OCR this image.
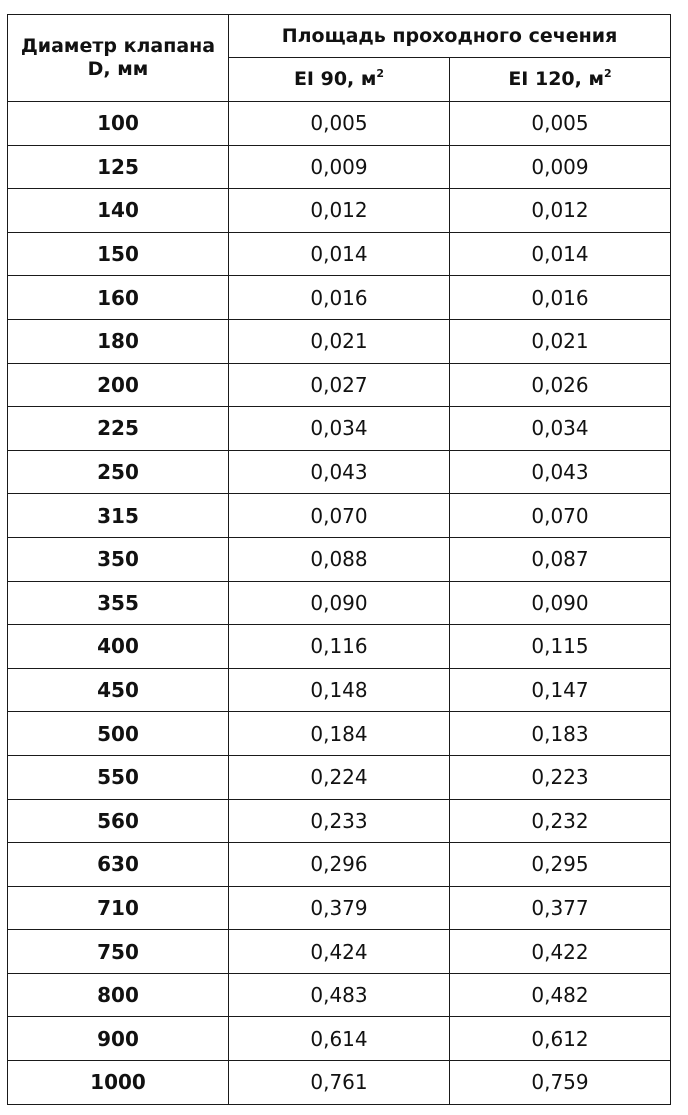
Диаметр клапана
D, мм	Площадь проходного сечения	
	EI 90, $м^2$	EI 120, $м^2$
100	0,005	0,005
125	0,009	0,009
140	0,012	0,012
150	0,014	0,014
160	0,016	0,016
180	0,021	0,021
200	0,027	0,026
225	0,034	0,034
250	0,043	0,043
315	0,070	0,070
350	0,088	0,087
355	0,090	0,090
400	0,116	0,115
450	0,148	0,147
500	0,184	0,183
550	0,224	0,223
560	0,233	0,232
630	0,296	0,295
710	0,379	0,377
750	0,424	0,422
800	0,483	0,482
900	0,614	0,612
1000	0,761	0,759
